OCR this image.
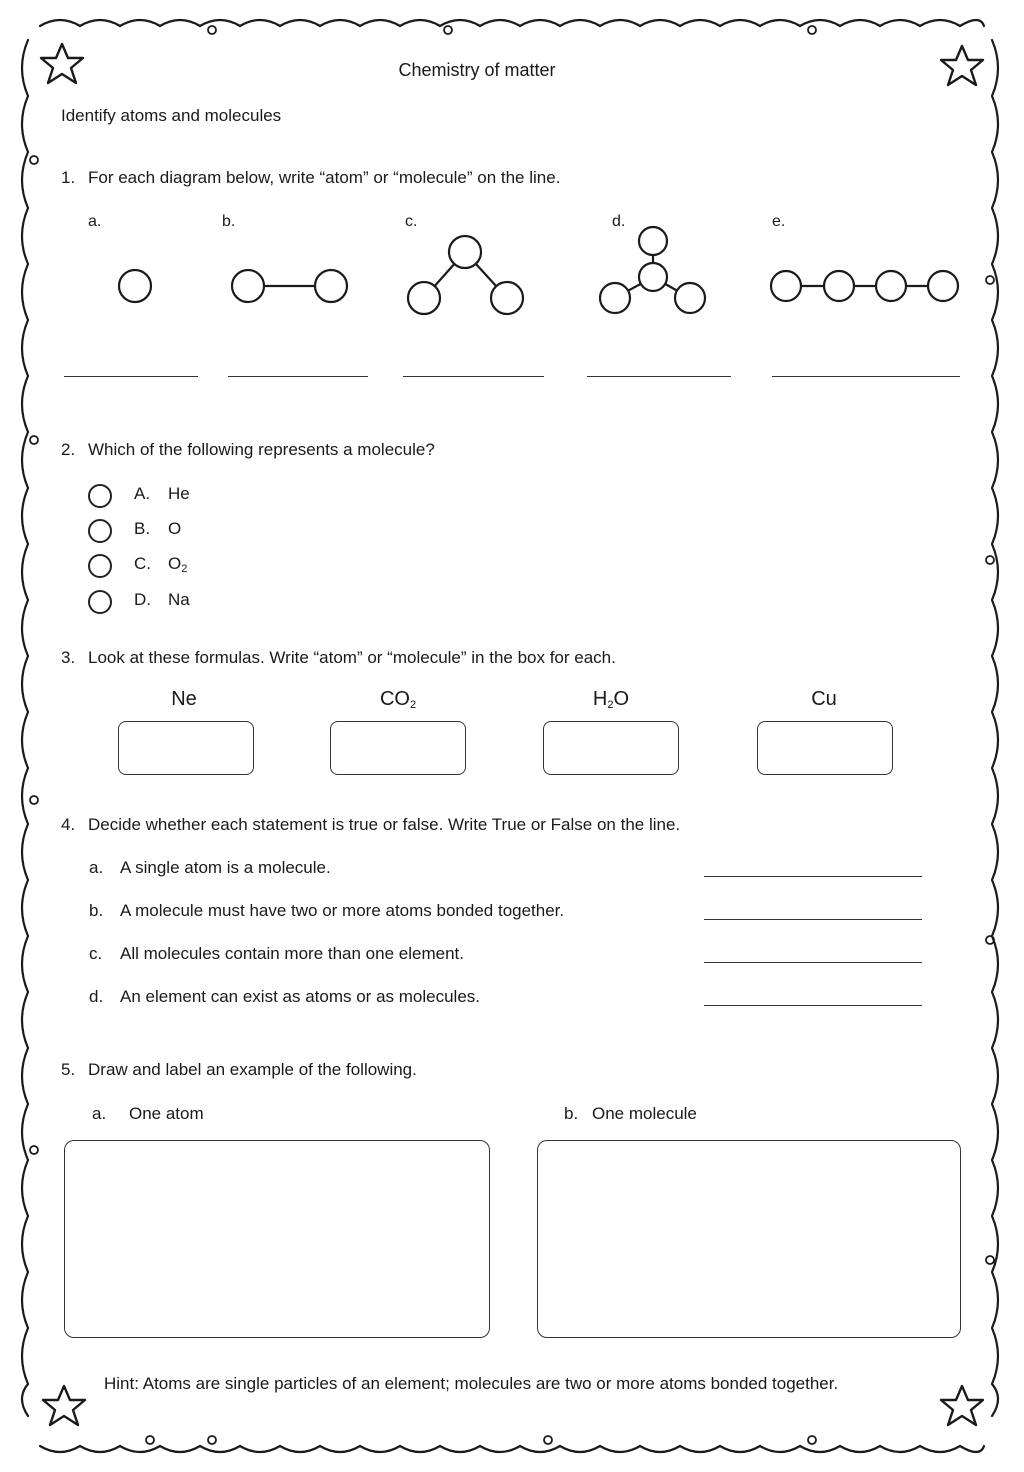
Chemistry of matter
Identify atoms and molecules
1. For each diagram below, write “atom” or “molecule” on the line.
a.	b.	c.	d.	e.
2. Which of the following represents a molecule?
A. He
B. O
C. $O_2$
D. Na
3. Look at these formulas. Write “atom” or “molecule” in the box for each.
Ne	$CO_2$	$H_2O$	Cu
4. Decide whether each statement is true or false. Write True or False on the line.
a. A single atom is a molecule.
b. A molecule must have two or more atoms bonded together.
c. All molecules contain more than one element.
d. An element can exist as atoms or as molecules.
5. Draw and label an example of the following.
a. One atom	b. One molecule
Hint: Atoms are single particles of an element; molecules are two or more atoms bonded together.
